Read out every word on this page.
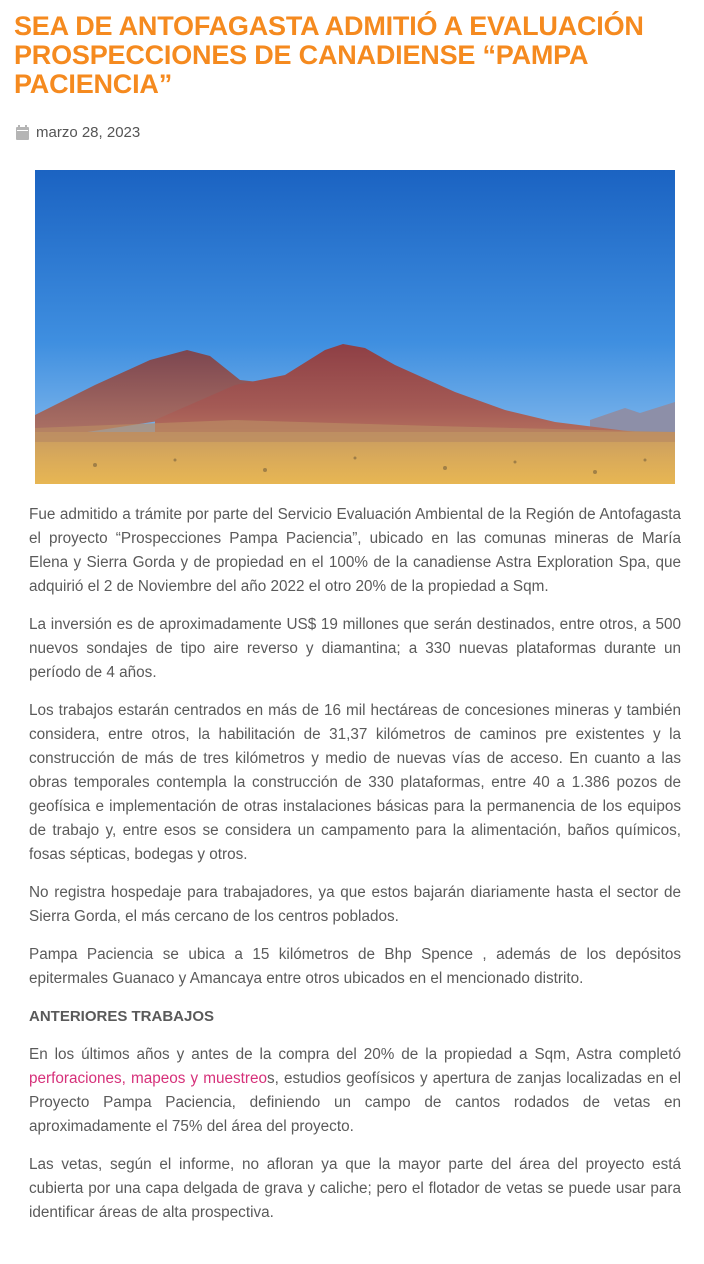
SEA DE ANTOFAGASTA ADMITIÓ A EVALUACIÓN PROSPECCIONES DE CANADIENSE “PAMPA PACIENCIA”
marzo 28, 2023

Fue admitido a trámite por parte del Servicio Evaluación Ambiental de la Región de Antofagasta el proyecto “Prospecciones Pampa Paciencia”, ubicado en las comunas mineras de María Elena y Sierra Gorda y de propiedad en el 100% de la canadiense Astra Exploration Spa, que adquirió el 2 de Noviembre del año 2022 el otro 20% de la propiedad a Sqm.

La inversión es de aproximadamente US$ 19 millones que serán destinados, entre otros, a 500 nuevos sondajes de tipo aire reverso y diamantina; a 330 nuevas plataformas durante un período de 4 años.

Los trabajos estarán centrados en más de 16 mil hectáreas de concesiones mineras y también considera, entre otros, la habilitación de 31,37 kilómetros de caminos pre existentes y la construcción de más de tres kilómetros y medio de nuevas vías de acceso. En cuanto a las obras temporales contempla la construcción de 330 plataformas, entre 40 a 1.386 pozos de geofísica e implementación de otras instalaciones básicas para la permanencia de los equipos de trabajo y, entre esos se considera un campamento para la alimentación, baños químicos, fosas sépticas, bodegas y otros.

No registra hospedaje para trabajadores, ya que estos bajarán diariamente hasta el sector de Sierra Gorda, el más cercano de los centros poblados.

Pampa Paciencia se ubica a 15 kilómetros de Bhp Spence , además de los depósitos epitermales Guanaco y Amancaya entre otros ubicados en el mencionado distrito.

ANTERIORES TRABAJOS

En los últimos años y antes de la compra del 20% de la propiedad a Sqm, Astra completó perforaciones, mapeos y muestreos, estudios geofísicos y apertura de zanjas localizadas en el Proyecto Pampa Paciencia, definiendo un campo de cantos rodados de vetas en aproximadamente el 75% del área del proyecto.

Las vetas, según el informe, no afloran ya que la mayor parte del área del proyecto está cubierta por una capa delgada de grava y caliche; pero el flotador de vetas se puede usar para identificar áreas de alta prospectiva.
